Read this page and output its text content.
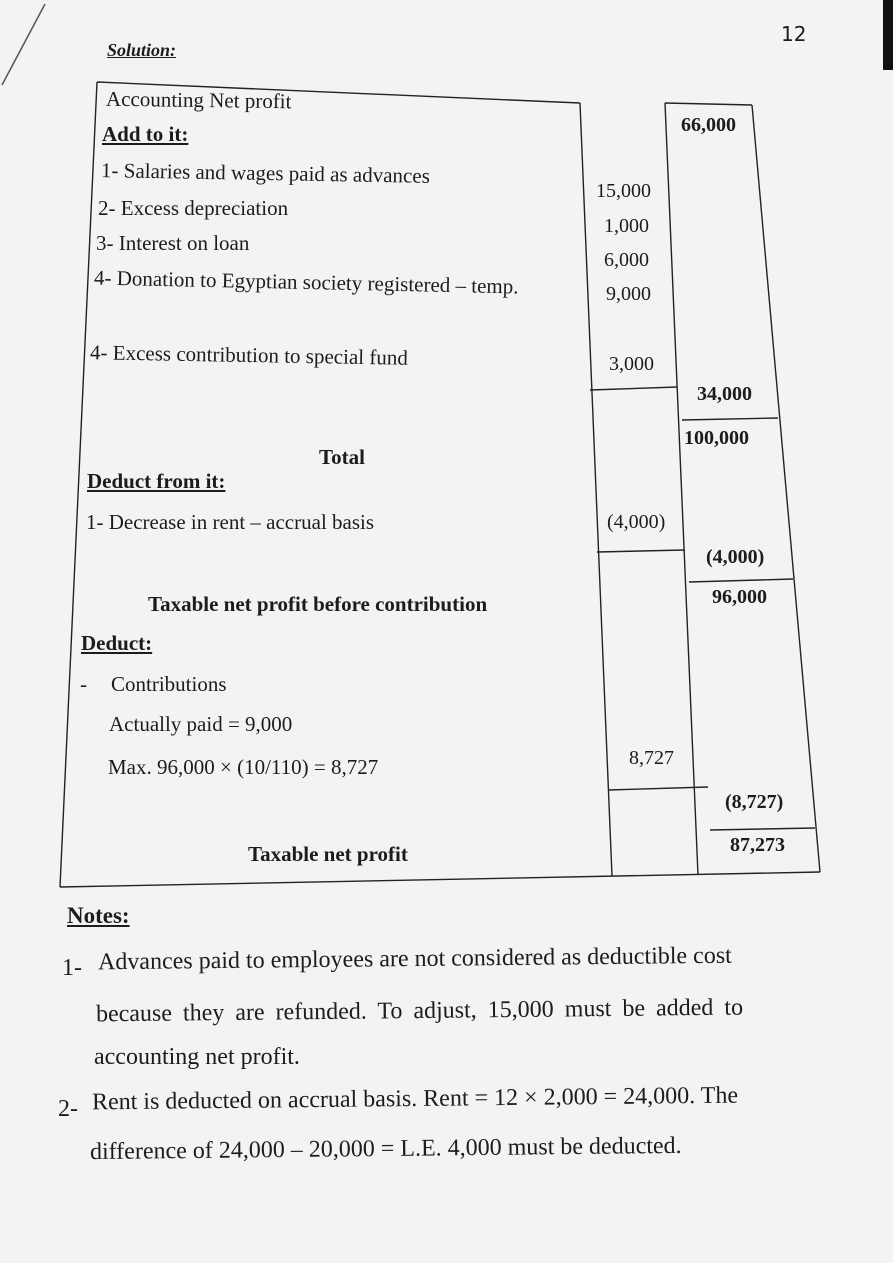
12
Solution:
Accounting Net profit
Add to it:
1- Salaries and wages paid as advances
2- Excess depreciation
3- Interest on loan
4- Donation to Egyptian society registered – temp.
4- Excess contribution to special fund
Total
Deduct from it:
1- Decrease in rent – accrual basis
Taxable net profit before contribution
Deduct:
- Contributions
Actually paid = 9,000
Max. 96,000 × (10/110) = 8,727
Taxable net profit
15,000
1,000
6,000
9,000
3,000
(4,000)
8,727
66,000
34,000
100,000
(4,000)
96,000
(8,727)
87,273
Notes:
1- Advances paid to employees are not considered as deductible cost
because they are refunded. To adjust, 15,000 must be added to
accounting net profit.
2- Rent is deducted on accrual basis. Rent = 12 × 2,000 = 24,000. The
difference of 24,000 – 20,000 = L.E. 4,000 must be deducted.
